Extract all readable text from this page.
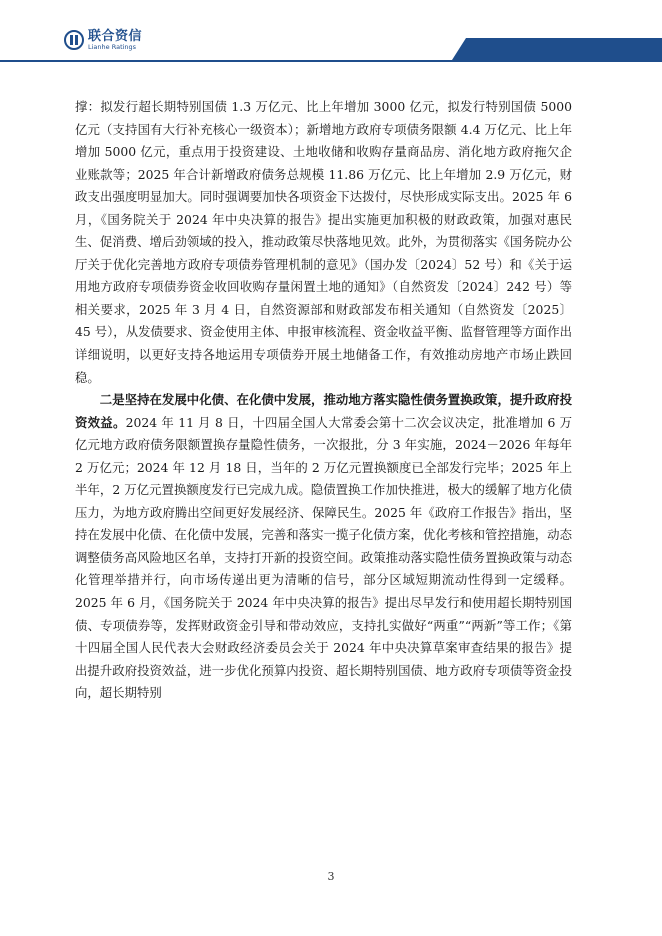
联合资信
Lianhe Ratings
www.lhratings.com

撑：拟发行超长期特别国债 1.3 万亿元、比上年增加 3000 亿元，拟发行特别国债 5000 亿元（支持国有大行补充核心一级资本）；新增地方政府专项债务限额 4.4 万亿元、比上年增加 5000 亿元，重点用于投资建设、土地收储和收购存量商品房、消化地方政府拖欠企业账款等；2025 年合计新增政府债务总规模 11.86 万亿元、比上年增加 2.9 万亿元，财政支出强度明显加大。同时强调要加快各项资金下达拨付，尽快形成实际支出。2025 年 6 月，《国务院关于 2024 年中央决算的报告》提出实施更加积极的财政政策，加强对惠民生、促消费、增后劲领域的投入，推动政策尽快落地见效。此外，为贯彻落实《国务院办公厅关于优化完善地方政府专项债券管理机制的意见》（国办发〔2024〕52 号）和《关于运用地方政府专项债券资金收回收购存量闲置土地的通知》（自然资发〔2024〕242 号）等相关要求，2025 年 3 月 4 日，自然资源部和财政部发布相关通知（自然资发〔2025〕45 号），从发债要求、资金使用主体、申报审核流程、资金收益平衡、监督管理等方面作出详细说明，以更好支持各地运用专项债券开展土地储备工作，有效推动房地产市场止跌回稳。

二是坚持在发展中化债、在化债中发展，推动地方落实隐性债务置换政策，提升政府投资效益。2024 年 11 月 8 日，十四届全国人大常委会第十二次会议决定，批准增加 6 万亿元地方政府债务限额置换存量隐性债务，一次报批，分 3 年实施，2024－2026 年每年 2 万亿元；2024 年 12 月 18 日，当年的 2 万亿元置换额度已全部发行完毕；2025 年上半年，2 万亿元置换额度发行已完成九成。隐债置换工作加快推进，极大的缓解了地方化债压力，为地方政府腾出空间更好发展经济、保障民生。2025 年《政府工作报告》指出，坚持在发展中化债、在化债中发展，完善和落实一揽子化债方案，优化考核和管控措施，动态调整债务高风险地区名单，支持打开新的投资空间。政策推动落实隐性债务置换政策与动态化管理举措并行，向市场传递出更为清晰的信号，部分区域短期流动性得到一定缓释。2025 年 6 月，《国务院关于 2024 年中央决算的报告》提出尽早发行和使用超长期特别国债、专项债券等，发挥财政资金引导和带动效应，支持扎实做好“两重”“两新”等工作；《第十四届全国人民代表大会财政经济委员会关于 2024 年中央决算草案审查结果的报告》提出提升政府投资效益，进一步优化预算内投资、超长期特别国债、地方政府专项债等资金投向，超长期特别

3
